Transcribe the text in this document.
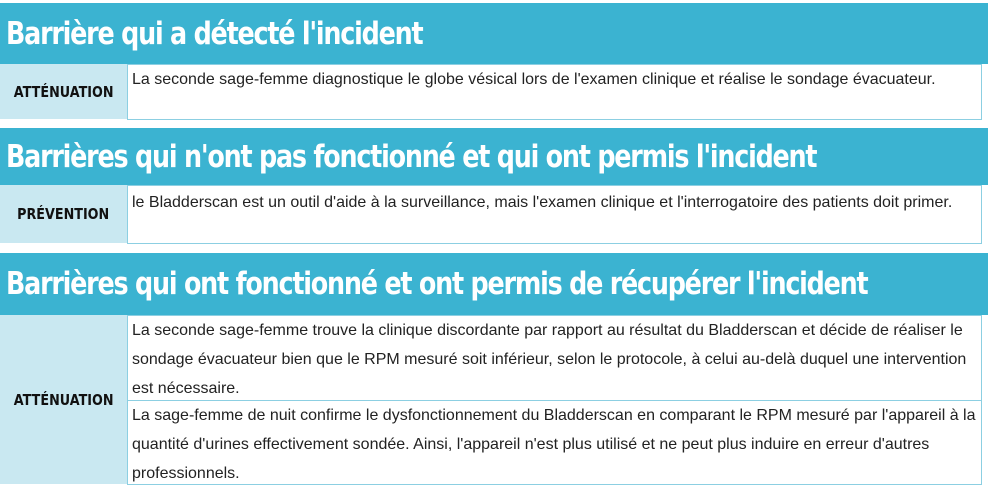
Barrière qui a détecté l'incident
ATTÉNUATION
La seconde sage-femme diagnostique le globe vésical lors de l'examen clinique et réalise le sondage évacuateur.
Barrières qui n'ont pas fonctionné et qui ont permis l'incident
PRÉVENTION
le Bladderscan est un outil d'aide à la surveillance, mais l'examen clinique et l'interrogatoire des patients doit primer.
Barrières qui ont fonctionné et ont permis de récupérer l'incident
ATTÉNUATION
La seconde sage-femme trouve la clinique discordante par rapport au résultat du Bladderscan et décide de réaliser le sondage évacuateur bien que le RPM mesuré soit inférieur, selon le protocole, à celui au-delà duquel une intervention est nécessaire.
La sage-femme de nuit confirme le dysfonctionnement du Bladderscan en comparant le RPM mesuré par l'appareil à la quantité d'urines effectivement sondée. Ainsi, l'appareil n'est plus utilisé et ne peut plus induire en erreur d'autres professionnels.
